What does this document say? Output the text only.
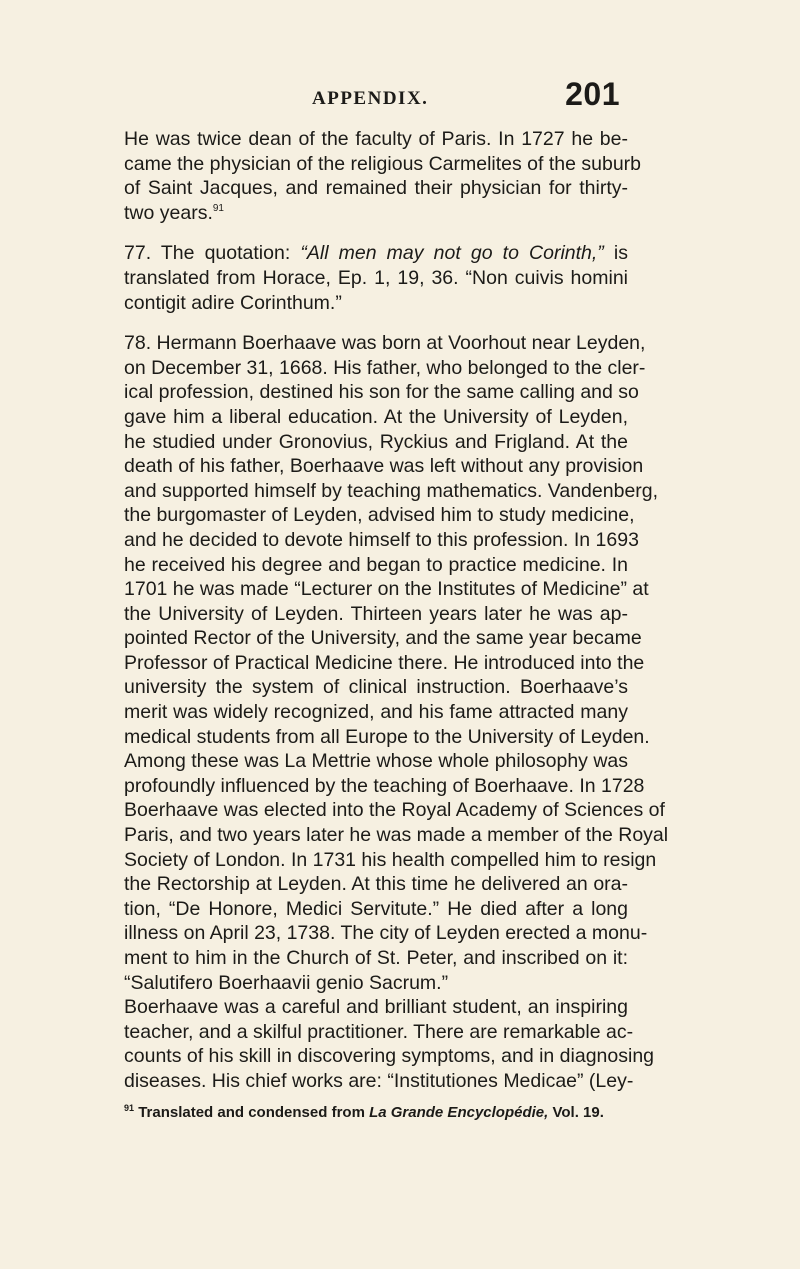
APPENDIX.	201

He was twice dean of the faculty of Paris. In 1727 he be-
came the physician of the religious Carmelites of the suburb
of Saint Jacques, and remained their physician for thirty-
two years.$^{91}$

77. The quotation: “All men may not go to Corinth,” is
translated from Horace, Ep. 1, 19, 36. “Non cuivis homini
contigit adire Corinthum.”

78. Hermann Boerhaave was born at Voorhout near Leyden,
on December 31, 1668. His father, who belonged to the cler-
ical profession, destined his son for the same calling and so
gave him a liberal education. At the University of Leyden,
he studied under Gronovius, Ryckius and Frigland. At the
death of his father, Boerhaave was left without any provision
and supported himself by teaching mathematics. Vandenberg,
the burgomaster of Leyden, advised him to study medicine,
and he decided to devote himself to this profession. In 1693
he received his degree and began to practice medicine. In
1701 he was made “Lecturer on the Institutes of Medicine” at
the University of Leyden. Thirteen years later he was ap-
pointed Rector of the University, and the same year became
Professor of Practical Medicine there. He introduced into the
university the system of clinical instruction. Boerhaave’s
merit was widely recognized, and his fame attracted many
medical students from all Europe to the University of Leyden.
Among these was La Mettrie whose whole philosophy was
profoundly influenced by the teaching of Boerhaave. In 1728
Boerhaave was elected into the Royal Academy of Sciences of
Paris, and two years later he was made a member of the Royal
Society of London. In 1731 his health compelled him to resign
the Rectorship at Leyden. At this time he delivered an ora-
tion, “De Honore, Medici Servitute.” He died after a long
illness on April 23, 1738. The city of Leyden erected a monu-
ment to him in the Church of St. Peter, and inscribed on it:
“Salutifero Boerhaavii genio Sacrum.”

Boerhaave was a careful and brilliant student, an inspiring
teacher, and a skilful practitioner. There are remarkable ac-
counts of his skill in discovering symptoms, and in diagnosing
diseases. His chief works are: “Institutiones Medicae” (Ley-

$^{91}$ Translated and condensed from La Grande Encyclopédie, Vol. 19.
